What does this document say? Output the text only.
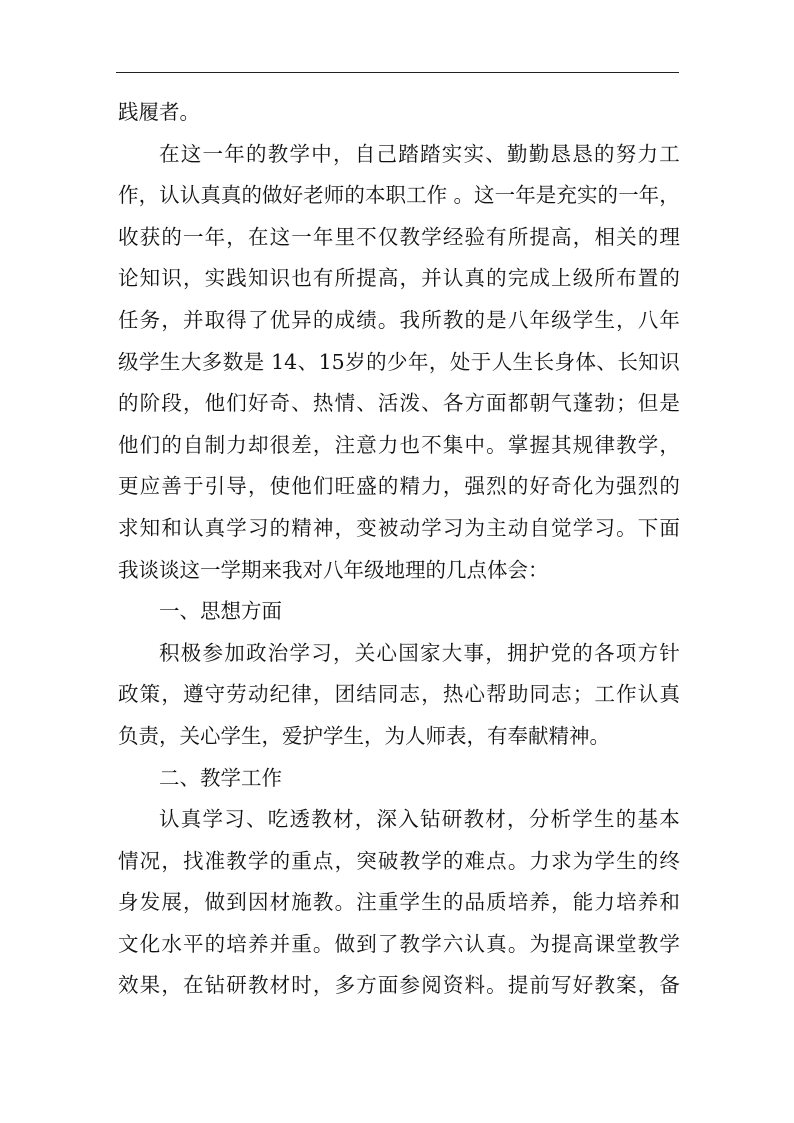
践履者。
在 这 一 年 的 教 学 中 ， 自 己 踏 踏 实 实 、 勤 勤 恳 恳 的 努 力 工
作 ， 认 认 真 真 的 做 好 老 师 的 本 职 工 作 。 这 一 年 是 充 实 的 一 年 ，
收 获 的 一 年 ， 在 这 一 年 里 不 仅 教 学 经 验 有 所 提 高 ， 相 关 的 理
论 知 识 ， 实 践 知 识 也 有 所 提 高 ， 并 认 真 的 完 成 上 级 所 布 置 的
任 务 ， 并 取 得 了 优 异 的 成 绩 。 我 所 教 的 是 八 年 级 学 生 ， 八 年
级 学 生 大 多 数 是 14 、 15 岁 的 少 年 ， 处 于 人 生 长 身 体 、 长 知 识
的 阶 段 ， 他 们 好 奇 、 热 情 、 活 泼 、 各 方 面 都 朝 气 蓬 勃 ； 但 是
他 们 的 自 制 力 却 很 差 ， 注 意 力 也 不 集 中 。 掌 握 其 规 律 教 学 ，
更 应 善 于 引 导 ， 使 他 们 旺 盛 的 精 力 ， 强 烈 的 好 奇 化 为 强 烈 的
求 知 和 认 真 学 习 的 精 神 ， 变 被 动 学 习 为 主 动 自 觉 学 习 。 下 面
我谈谈这一学期来我对八年级地理的几点体会：
一、思想方面
积 极 参 加 政 治 学 习 ， 关 心 国 家 大 事 ， 拥 护 党 的 各 项 方 针
政 策 ， 遵 守 劳 动 纪 律 ， 团 结 同 志 ， 热 心 帮 助 同 志 ； 工 作 认 真
负责，关心学生，爱护学生，为人师表，有奉献精神。
二、教学工作
认 真 学 习 、 吃 透 教 材 ， 深 入 钻 研 教 材 ， 分 析 学 生 的 基 本
情 况 ， 找 准 教 学 的 重 点 ， 突 破 教 学 的 难 点 。 力 求 为 学 生 的 终
身 发 展 ， 做 到 因 材 施 教 。 注 重 学 生 的 品 质 培 养 ， 能 力 培 养 和
文 化 水 平 的 培 养 并 重 。 做 到 了 教 学 六 认 真 。 为 提 高 课 堂 教 学
效 果 ， 在 钻 研 教 材 时 ， 多 方 面 参 阅 资 料 。 提 前 写 好 教 案 ， 备
